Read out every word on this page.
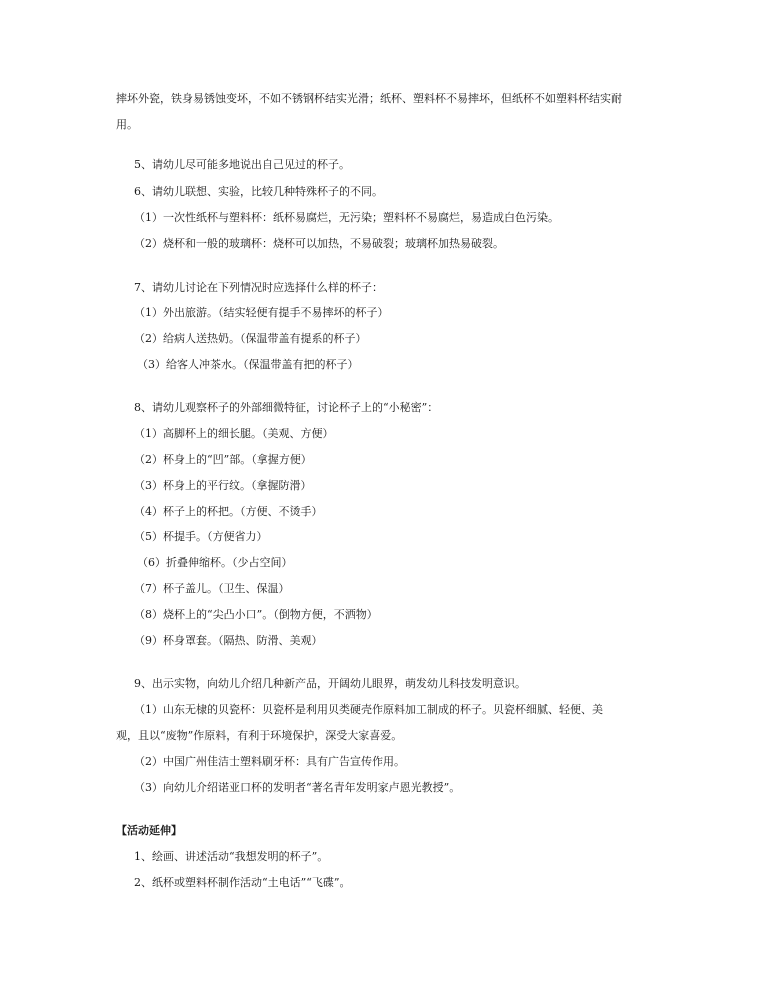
摔坏外瓷，铁身易锈蚀变坏，不如不锈钢杯结实光滑；纸杯、塑料杯不易摔坏，但纸杯不如塑料杯结实耐
用。
5、请幼儿尽可能多地说出自己见过的杯子。
6、请幼儿联想、实验，比较几种特殊杯子的不同。
（1）一次性纸杯与塑料杯：纸杯易腐烂，无污染；塑料杯不易腐烂，易造成白色污染。
（2）烧杯和一般的玻璃杯：烧杯可以加热，不易破裂；玻璃杯加热易破裂。
7、请幼儿讨论在下列情况时应选择什么样的杯子：
（1）外出旅游。（结实轻便有提手不易摔坏的杯子）
（2）给病人送热奶。（保温带盖有提系的杯子）
（3）给客人冲茶水。（保温带盖有把的杯子）
8、请幼儿观察杯子的外部细微特征，讨论杯子上的“小秘密”：
（1）高脚杯上的细长腿。（美观、方便）
（2）杯身上的“凹”部。（拿握方便）
（3）杯身上的平行纹。（拿握防滑）
（4）杯子上的杯把。（方便、不烫手）
（5）杯提手。（方便省力）
（6）折叠伸缩杯。（少占空间）
（7）杯子盖儿。（卫生、保温）
（8）烧杯上的“尖凸小口”。（倒物方便，不洒物）
（9）杯身罩套。（隔热、防滑、美观）
9、出示实物，向幼儿介绍几种新产品，开阔幼儿眼界，萌发幼儿科技发明意识。
（1）山东无棣的贝瓷杯：贝瓷杯是利用贝类硬壳作原料加工制成的杯子。贝瓷杯细腻、轻便、美
观，且以“废物”作原料，有利于环境保护，深受大家喜爱。
（2）中国广州佳洁士塑料刷牙杯：具有广告宣传作用。
（3）向幼儿介绍诺亚口杯的发明者“著名青年发明家卢恩光教授”。
【活动延伸】
1、绘画、讲述活动“我想发明的杯子”。
2、纸杯或塑料杯制作活动“土电话”“飞碟”。
